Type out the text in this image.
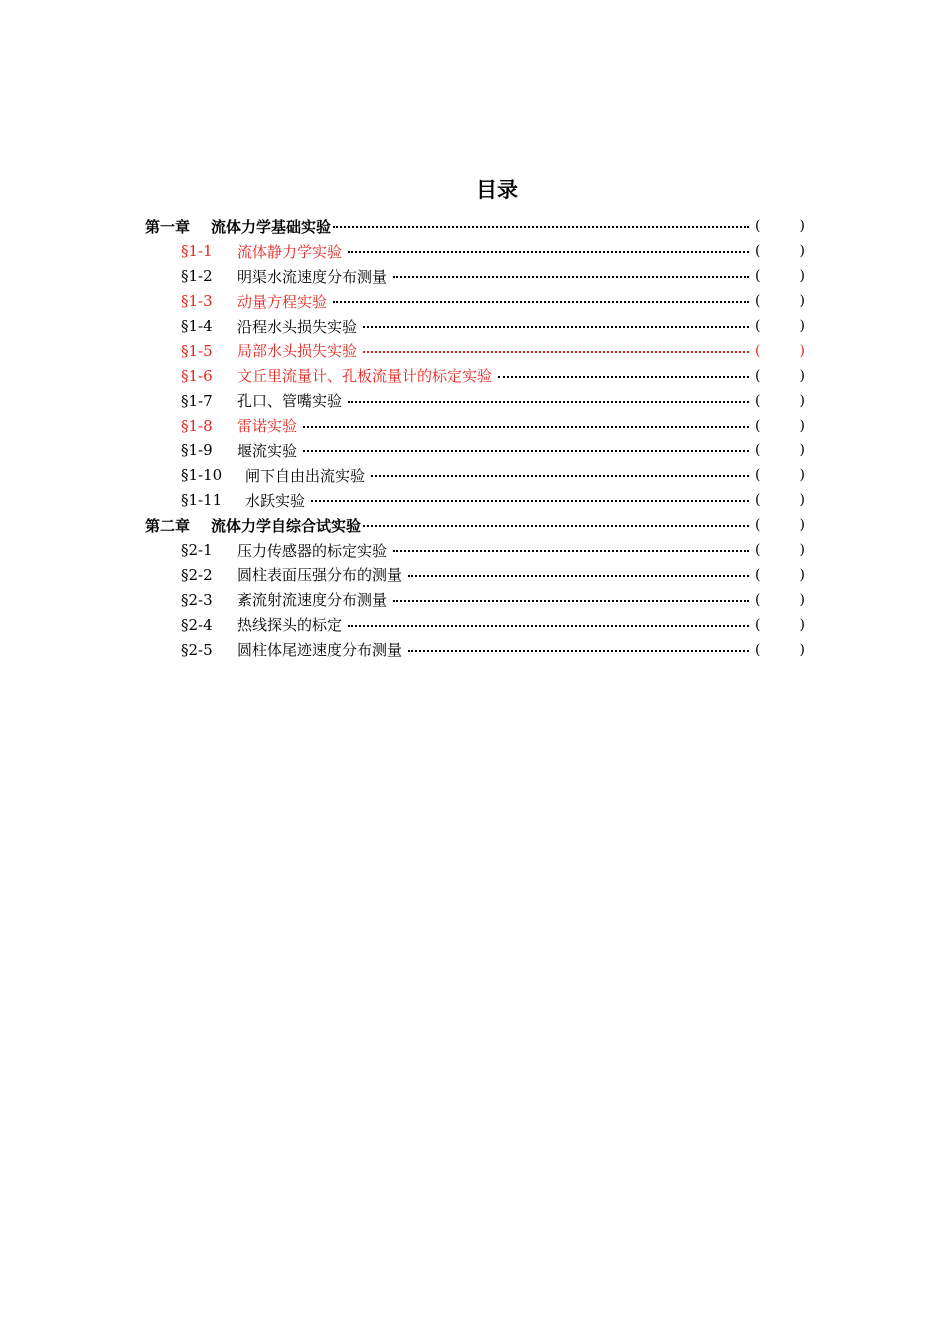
目录
第一章	流体力学基础实验	(	)
§1-1	流体静力学实验	(	)
§1-2	明渠水流速度分布测量	(	)
§1-3	动量方程实验	(	)
§1-4	沿程水头损失实验	(	)
§1-5	局部水头损失实验	(	)
§1-6	文丘里流量计、孔板流量计的标定实验	(	)
§1-7	孔口、管嘴实验	(	)
§1-8	雷诺实验	(	)
§1-9	堰流实验	(	)
§1-10	闸下自由出流实验	(	)
§1-11	水跃实验	(	)
第二章	流体力学自综合试实验	(	)
§2-1	压力传感器的标定实验	(	)
§2-2	圆柱表面压强分布的测量	(	)
§2-3	紊流射流速度分布测量	(	)
§2-4	热线探头的标定	(	)
§2-5	圆柱体尾迹速度分布测量	(	)
